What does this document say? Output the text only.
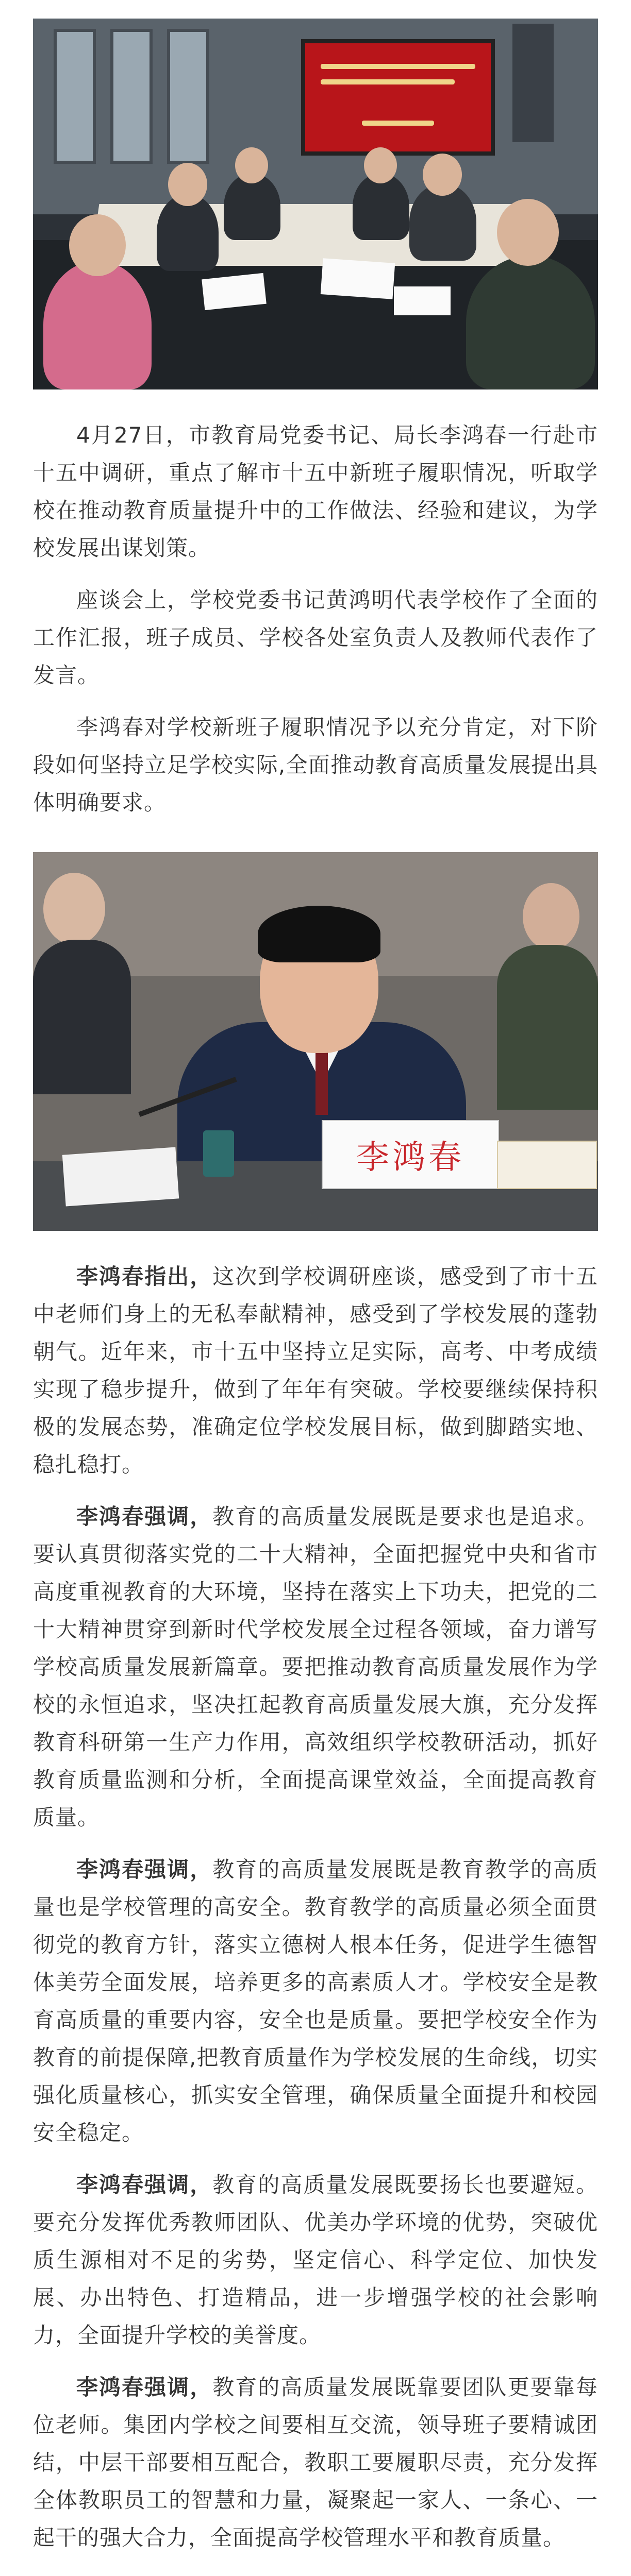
4月27日，市教育局党委书记、局长李鸿春一行赴市十五中调研，重点了解市十五中新班子履职情况，听取学校在推动教育质量提升中的工作做法、经验和建议，为学校发展出谋划策。

座谈会上，学校党委书记黄鸿明代表学校作了全面的工作汇报，班子成员、学校各处室负责人及教师代表作了发言。

李鸿春对学校新班子履职情况予以充分肯定，对下阶段如何坚持立足学校实际,全面推动教育高质量发展提出具体明确要求。

李鸿春

李鸿春指出，这次到学校调研座谈，感受到了市十五中老师们身上的无私奉献精神，感受到了学校发展的蓬勃朝气。近年来，市十五中坚持立足实际，高考、中考成绩实现了稳步提升，做到了年年有突破。学校要继续保持积极的发展态势，准确定位学校发展目标，做到脚踏实地、稳扎稳打。

李鸿春强调，教育的高质量发展既是要求也是追求。要认真贯彻落实党的二十大精神，全面把握党中央和省市高度重视教育的大环境，坚持在落实上下功夫，把党的二十大精神贯穿到新时代学校发展全过程各领域，奋力谱写学校高质量发展新篇章。要把推动教育高质量发展作为学校的永恒追求，坚决扛起教育高质量发展大旗，充分发挥教育科研第一生产力作用，高效组织学校教研活动，抓好教育质量监测和分析，全面提高课堂效益，全面提高教育质量。

李鸿春强调，教育的高质量发展既是教育教学的高质量也是学校管理的高安全。教育教学的高质量必须全面贯彻党的教育方针，落实立德树人根本任务，促进学生德智体美劳全面发展，培养更多的高素质人才。学校安全是教育高质量的重要内容，安全也是质量。要把学校安全作为教育的前提保障,把教育质量作为学校发展的生命线，切实强化质量核心，抓实安全管理，确保质量全面提升和校园安全稳定。

李鸿春强调，教育的高质量发展既要扬长也要避短。要充分发挥优秀教师团队、优美办学环境的优势，突破优质生源相对不足的劣势，坚定信心、科学定位、加快发展、办出特色、打造精品，进一步增强学校的社会影响力，全面提升学校的美誉度。

李鸿春强调，教育的高质量发展既靠要团队更要靠每位老师。集团内学校之间要相互交流，领导班子要精诚团结，中层干部要相互配合，教职工要履职尽责，充分发挥全体教职员工的智慧和力量，凝聚起一家人、一条心、一起干的强大合力，全面提高学校管理水平和教育质量。
